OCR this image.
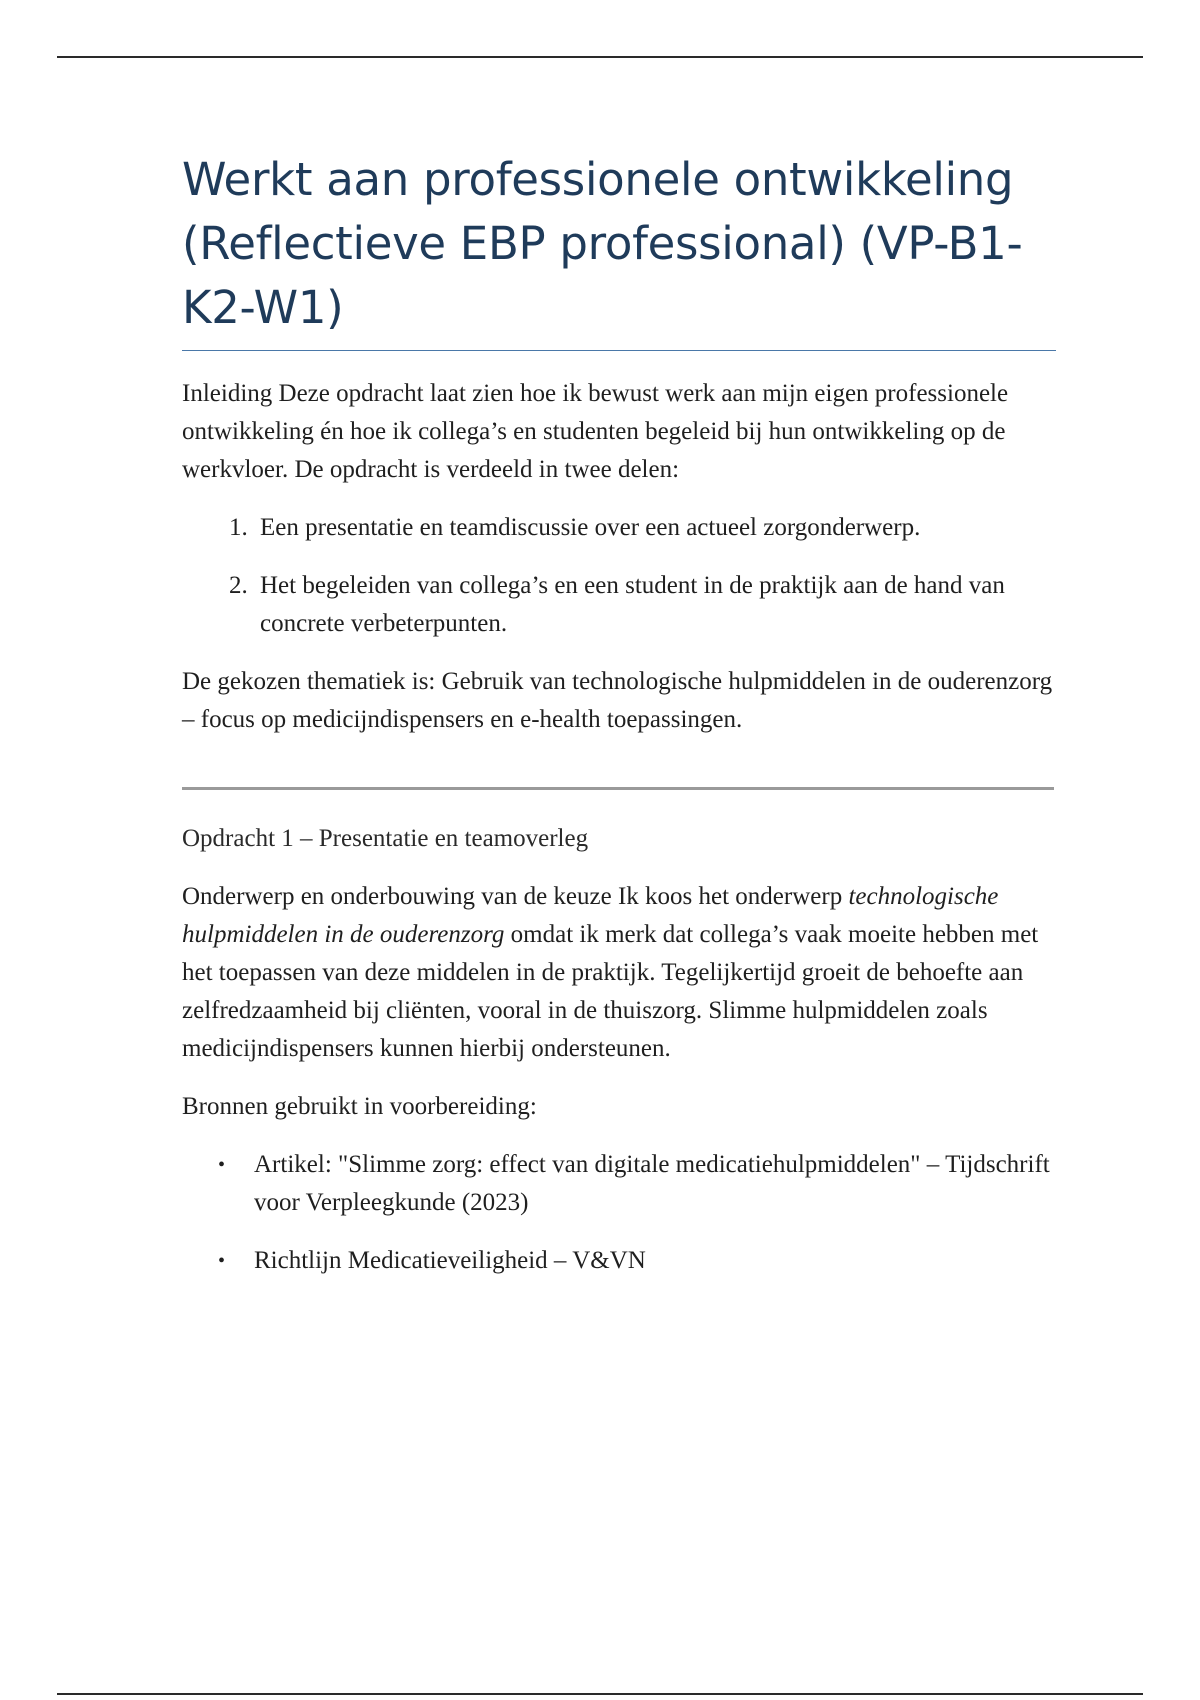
Werkt aan professionele ontwikkeling (Reflectieve EBP professional) (VP-B1-K2-W1)

Inleiding Deze opdracht laat zien hoe ik bewust werk aan mijn eigen professionele ontwikkeling én hoe ik collega’s en studenten begeleid bij hun ontwikkeling op de werkvloer. De opdracht is verdeeld in twee delen:

1. Een presentatie en teamdiscussie over een actueel zorgonderwerp.
2. Het begeleiden van collega’s en een student in de praktijk aan de hand van concrete verbeterpunten.

De gekozen thematiek is: Gebruik van technologische hulpmiddelen in de ouderenzorg – focus op medicijndispensers en e-health toepassingen.

Opdracht 1 – Presentatie en teamoverleg

Onderwerp en onderbouwing van de keuze Ik koos het onderwerp technologische hulpmiddelen in de ouderenzorg omdat ik merk dat collega’s vaak moeite hebben met het toepassen van deze middelen in de praktijk. Tegelijkertijd groeit de behoefte aan zelfredzaamheid bij cliënten, vooral in de thuiszorg. Slimme hulpmiddelen zoals medicijndispensers kunnen hierbij ondersteunen.

Bronnen gebruikt in voorbereiding:

• Artikel: "Slimme zorg: effect van digitale medicatiehulpmiddelen" – Tijdschrift voor Verpleegkunde (2023)
• Richtlijn Medicatieveiligheid – V&VN
